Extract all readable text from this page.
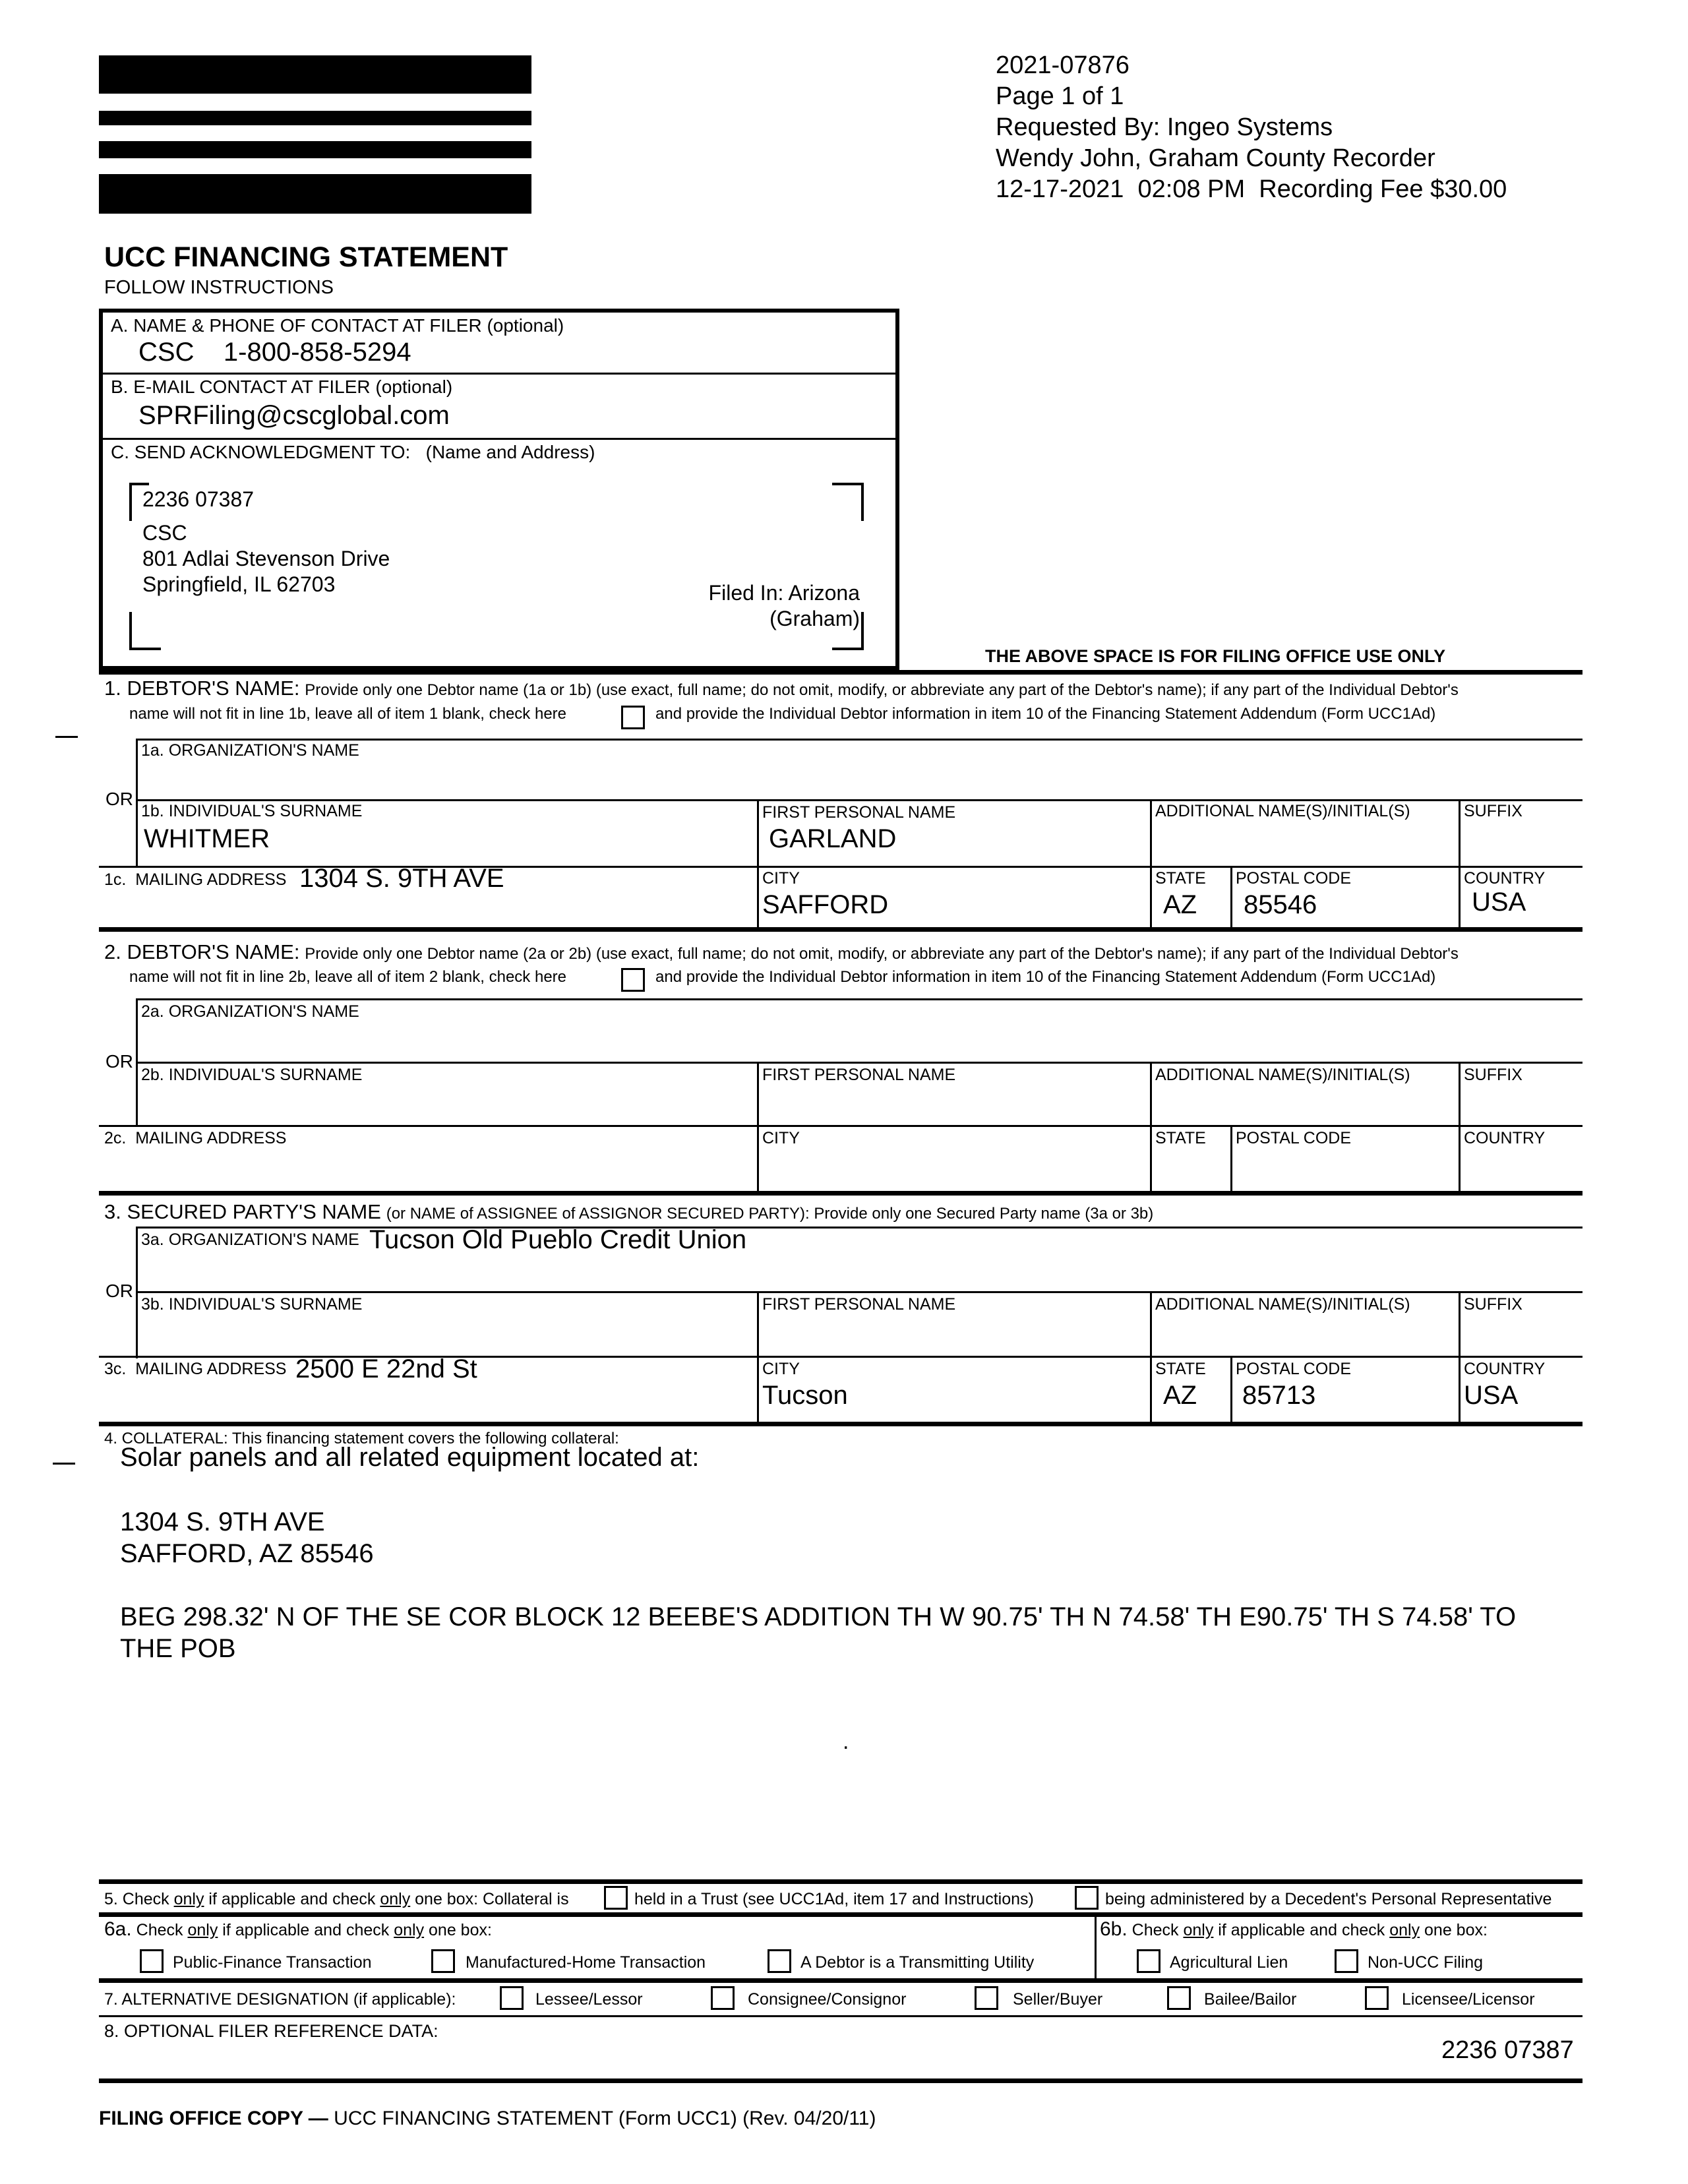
2021-07876
Page 1 of 1
Requested By: Ingeo Systems
Wendy John, Graham County Recorder
12-17-2021  02:08 PM  Recording Fee $30.00
UCC FINANCING STATEMENT
FOLLOW INSTRUCTIONS
A. NAME & PHONE OF CONTACT AT FILER (optional)
CSC    1-800-858-5294
B. E-MAIL CONTACT AT FILER (optional)
SPRFiling@cscglobal.com
C. SEND ACKNOWLEDGMENT TO:   (Name and Address)
2236 07387
CSC
801 Adlai Stevenson Drive
Springfield, IL 62703	Filed In: Arizona
(Graham)
THE ABOVE SPACE IS FOR FILING OFFICE USE ONLY
1. DEBTOR'S NAME: Provide only one Debtor name (1a or 1b) (use exact, full name; do not omit, modify, or abbreviate any part of the Debtor's name); if any part of the Individual Debtor's
name will not fit in line 1b, leave all of item 1 blank, check here	and provide the Individual Debtor information in item 10 of the Financing Statement Addendum (Form UCC1Ad)
1a. ORGANIZATION'S NAME
OR
1b. INDIVIDUAL'S SURNAME
WHITMER
FIRST PERSONAL NAME
GARLAND
ADDITIONAL NAME(S)/INITIAL(S)	SUFFIX
1c.  MAILING ADDRESS 1304 S. 9TH AVE	CITY
SAFFORD
STATE
AZ
POSTAL CODE
85546
COUNTRY
USA
2. DEBTOR'S NAME: Provide only one Debtor name (2a or 2b) (use exact, full name; do not omit, modify, or abbreviate any part of the Debtor's name); if any part of the Individual Debtor's
name will not fit in line 2b, leave all of item 2 blank, check here	and provide the Individual Debtor information in item 10 of the Financing Statement Addendum (Form UCC1Ad)
2a. ORGANIZATION'S NAME
OR
2b. INDIVIDUAL'S SURNAME	FIRST PERSONAL NAME	ADDITIONAL NAME(S)/INITIAL(S)	SUFFIX
2c.  MAILING ADDRESS	CITY	STATE POSTAL CODE	COUNTRY
3. SECURED PARTY'S NAME (or NAME of ASSIGNEE of ASSIGNOR SECURED PARTY): Provide only one Secured Party name (3a or 3b)
3a. ORGANIZATION'S NAME Tucson Old Pueblo Credit Union
OR
3b. INDIVIDUAL'S SURNAME	FIRST PERSONAL NAME	ADDITIONAL NAME(S)/INITIAL(S)	SUFFIX
3c.  MAILING ADDRESS 2500 E 22nd St	CITY
Tucson
STATE
AZ
POSTAL CODE
85713
COUNTRY
USA
4. COLLATERAL: This financing statement covers the following collateral:
Solar panels and all related equipment located at:
1304 S. 9TH AVE
SAFFORD, AZ 85546
BEG 298.32' N OF THE SE COR BLOCK 12 BEEBE'S ADDITION TH W 90.75' TH N 74.58' TH E90.75' TH S 74.58' TO
THE POB
.
5. Check only if applicable and check only one box: Collateral is	held in a Trust (see UCC1Ad, item 17 and Instructions)	being administered by a Decedent's Personal Representative
6a. Check only if applicable and check only one box:	6b. Check only if applicable and check only one box:
Public-Finance Transaction	Manufactured-Home Transaction	A Debtor is a Transmitting Utility	Agricultural Lien	Non-UCC Filing
7. ALTERNATIVE DESIGNATION (if applicable):	Lessee/Lessor	Consignee/Consignor	Seller/Buyer	Bailee/Bailor	Licensee/Licensor
8. OPTIONAL FILER REFERENCE DATA:
2236 07387
FILING OFFICE COPY — UCC FINANCING STATEMENT (Form UCC1) (Rev. 04/20/11)
